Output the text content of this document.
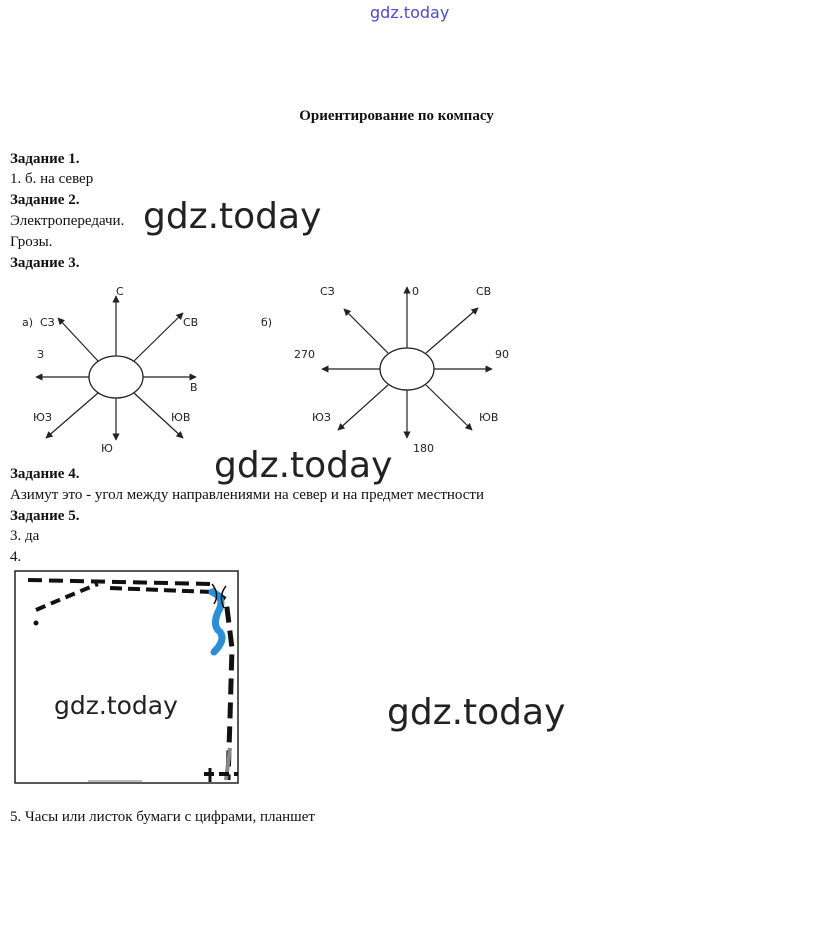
gdz.today
Ориентирование по компасу
Задание 1.
1. б. на север
Задание 2.
Электропередачи.
Грозы.
Задание 3.
а)
С
СВ
В
ЮВ
Ю
ЮЗ
З
СЗ	б)
0	СВ
90
ЮВ
180
ЮЗ
270
СЗ
Задание 4.
Азимут это - угол между направлениями на север и на предмет местности
Задание 5.
3. да
4.
5. Часы или листок бумаги с цифрами, планшет
gdz.today
gdz.today
gdz.today	gdz.today
